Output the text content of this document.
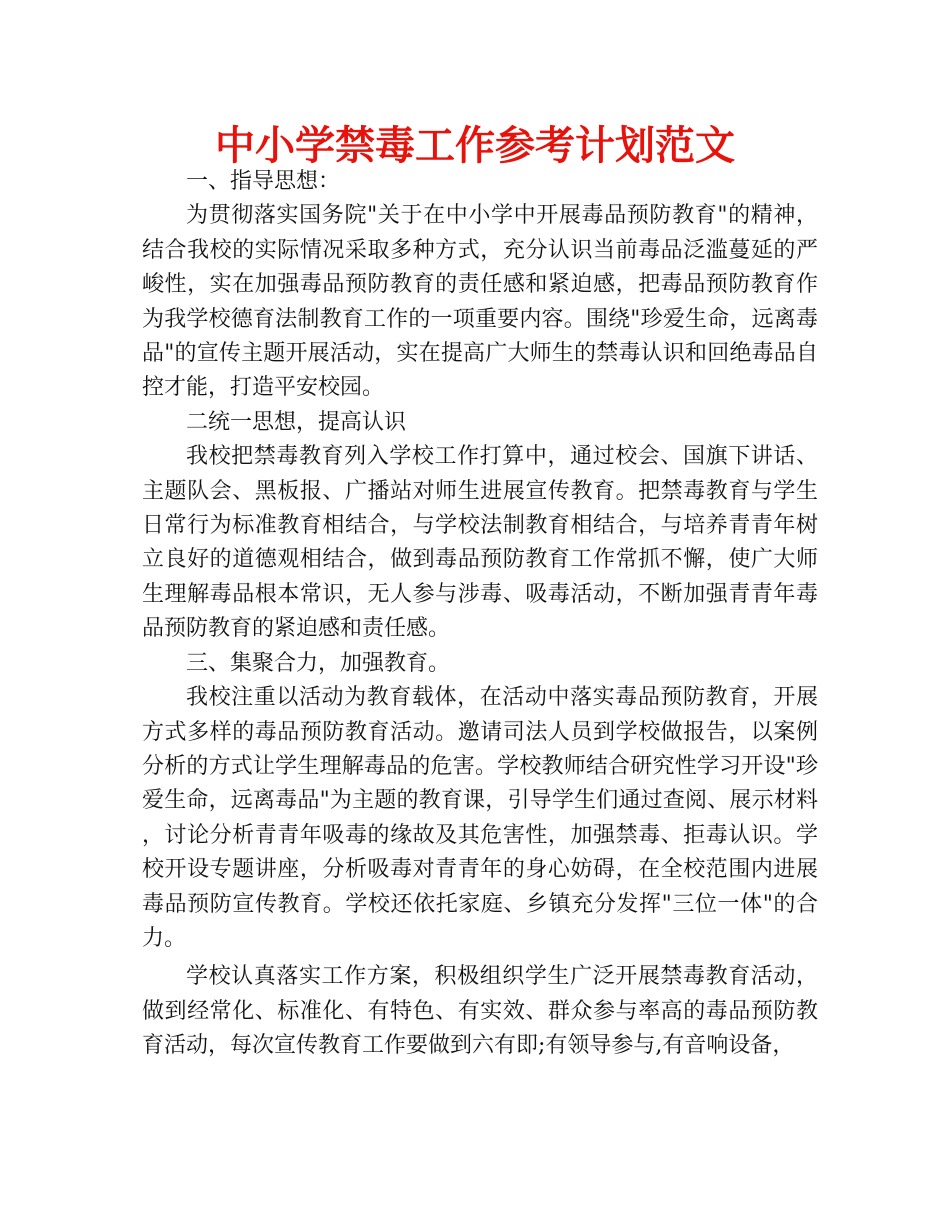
中小学禁毒工作参考计划范文

一、指导思想：

为贯彻落实国务院"关于在中小学中开展毒品预防教育"的精神，结合我校的实际情况采取多种方式，充分认识当前毒品泛滥蔓延的严峻性，实在加强毒品预防教育的责任感和紧迫感，把毒品预防教育作为我学校德育法制教育工作的一项重要内容。围绕"珍爱生命，远离毒品"的宣传主题开展活动，实在提高广大师生的禁毒认识和回绝毒品自控才能，打造平安校园。

二统一思想，提高认识

我校把禁毒教育列入学校工作打算中，通过校会、国旗下讲话、主题队会、黑板报、广播站对师生进展宣传教育。把禁毒教育与学生日常行为标准教育相结合，与学校法制教育相结合，与培养青青年树立良好的道德观相结合，做到毒品预防教育工作常抓不懈，使广大师生理解毒品根本常识，无人参与涉毒、吸毒活动，不断加强青青年毒品预防教育的紧迫感和责任感。

三、集聚合力，加强教育。

我校注重以活动为教育载体，在活动中落实毒品预防教育，开展方式多样的毒品预防教育活动。邀请司法人员到学校做报告，以案例分析的方式让学生理解毒品的危害。学校教师结合研究性学习开设"珍爱生命，远离毒品"为主题的教育课，引导学生们通过查阅、展示材料，讨论分析青青年吸毒的缘故及其危害性，加强禁毒、拒毒认识。学校开设专题讲座，分析吸毒对青青年的身心妨碍，在全校范围内进展毒品预防宣传教育。学校还依托家庭、乡镇充分发挥"三位一体"的合力。

学校认真落实工作方案，积极组织学生广泛开展禁毒教育活动，做到经常化、标准化、有特色、有实效、群众参与率高的毒品预防教育活动，每次宣传教育工作要做到六有即;有领导参与,有音响设备，
